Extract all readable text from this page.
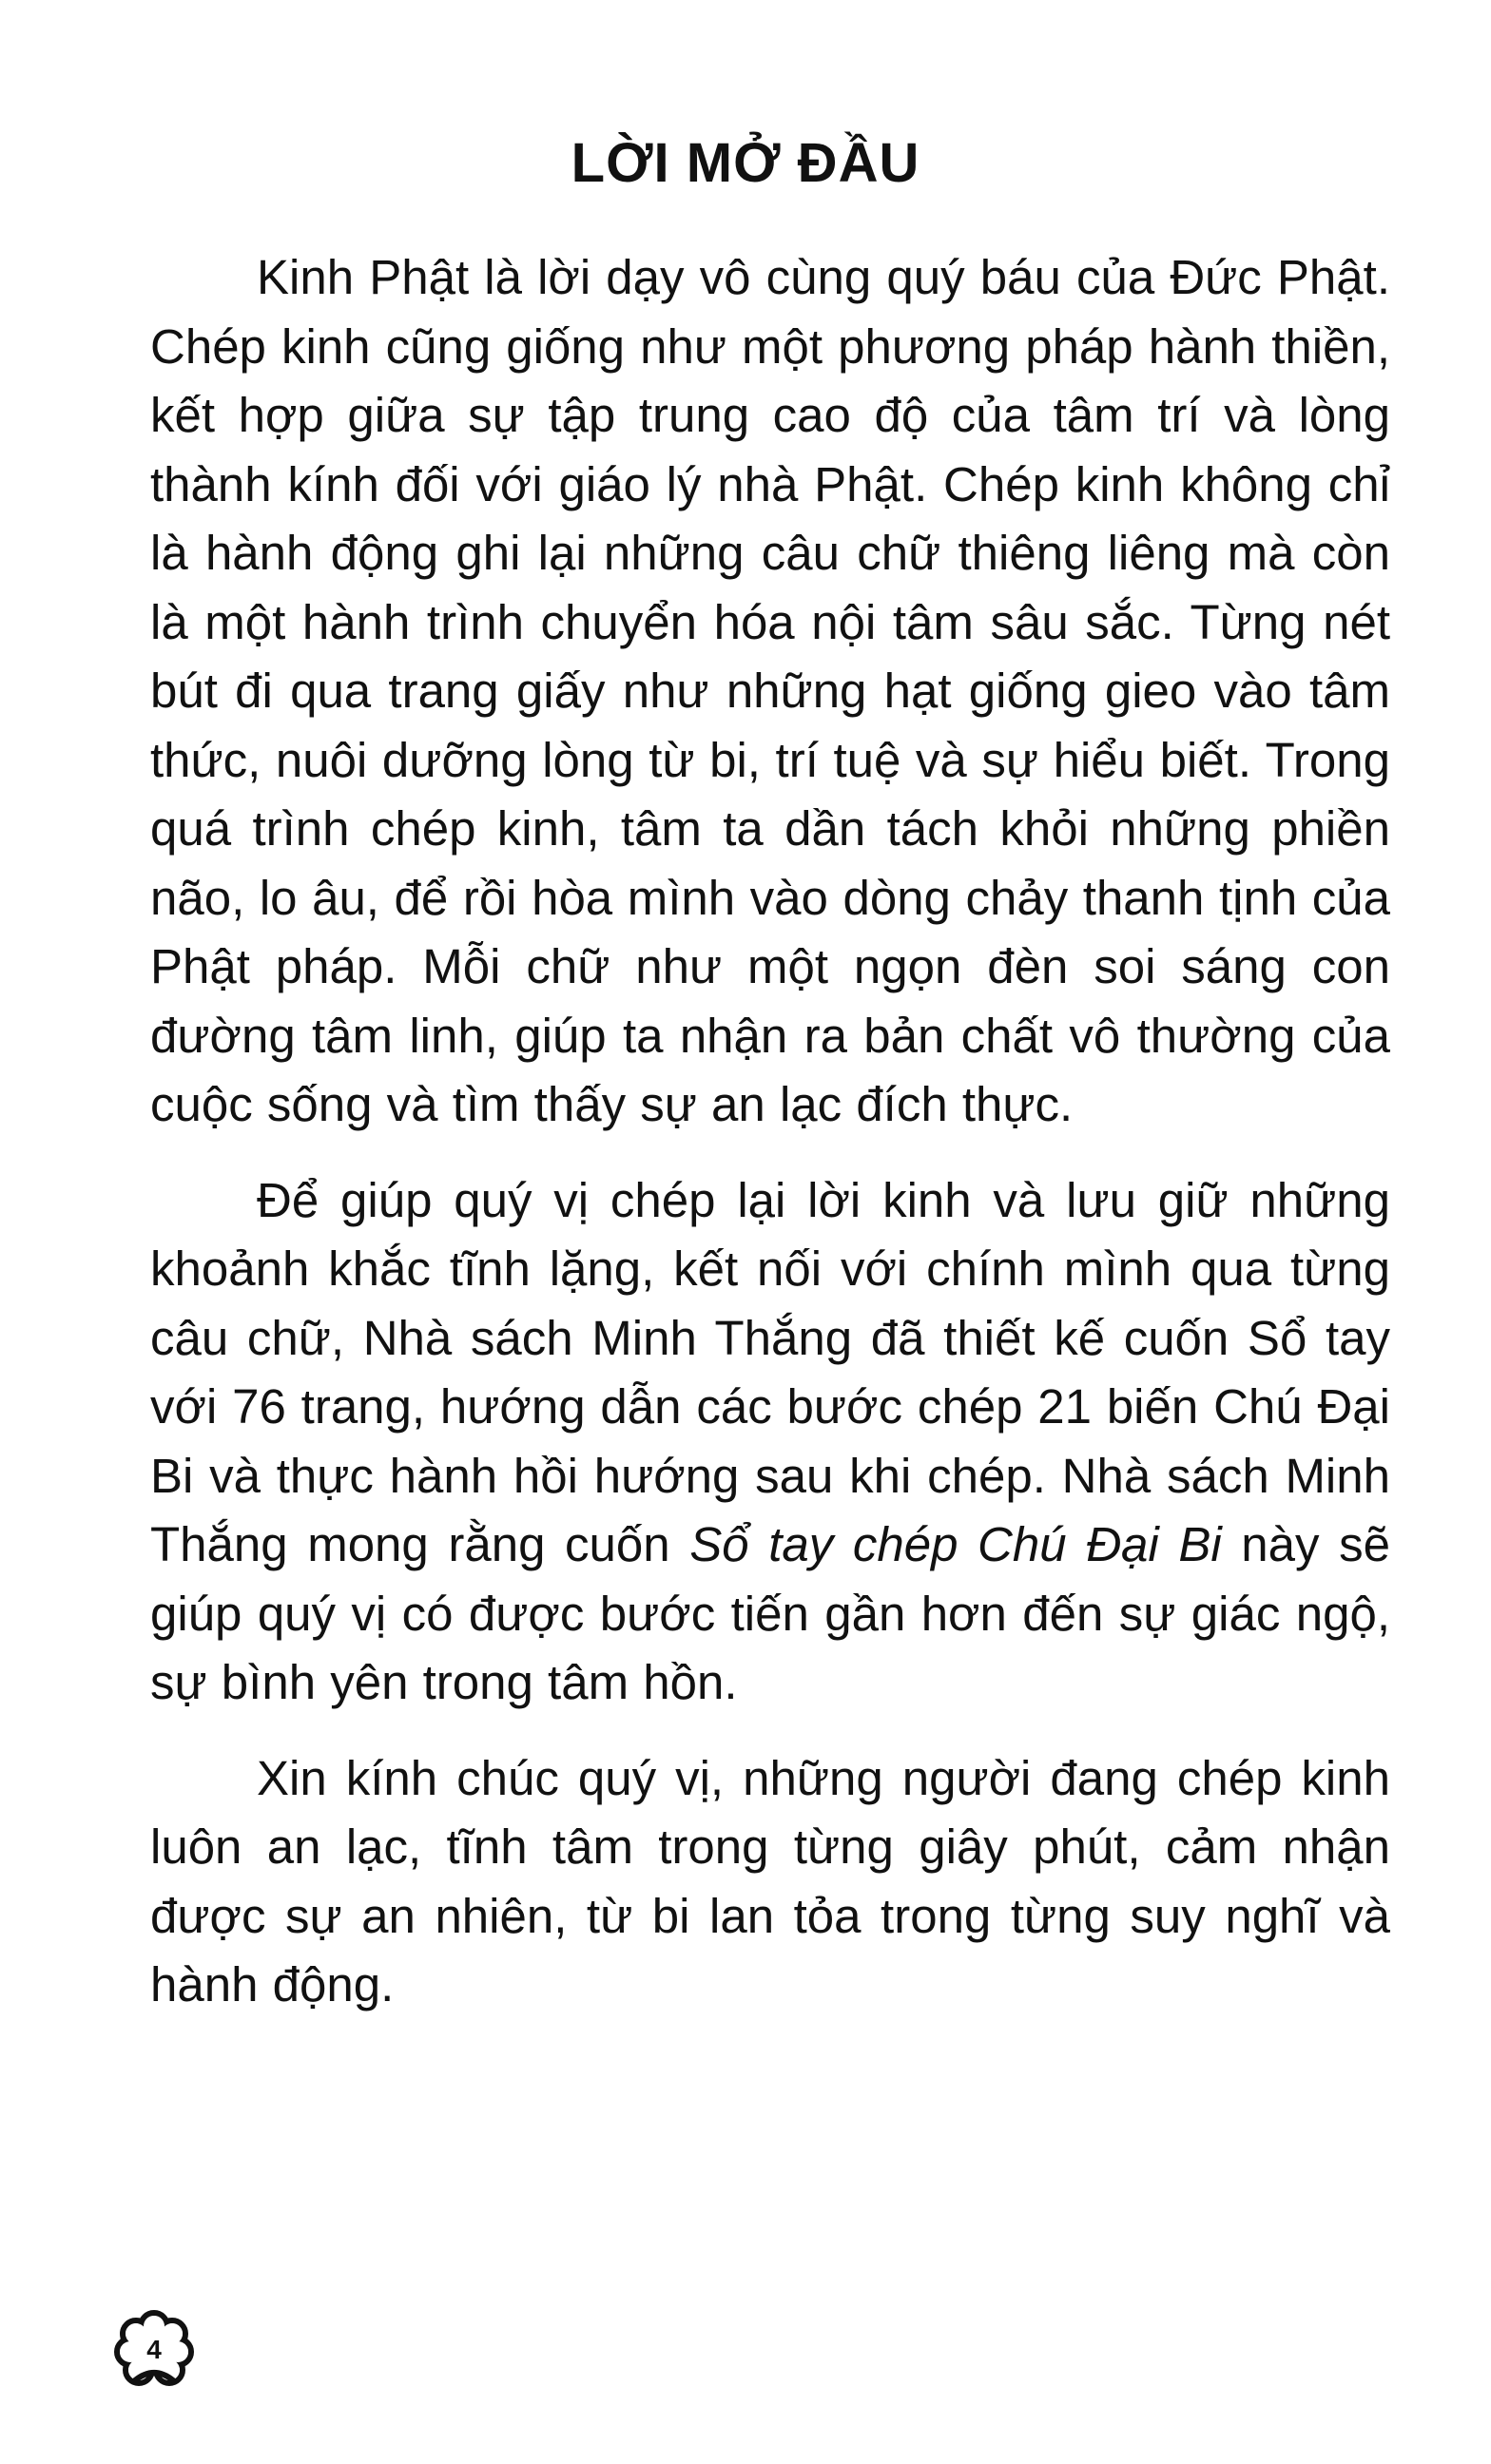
LỜI MỞ ĐẦU

Kinh Phật là lời dạy vô cùng quý báu của Đức Phật. Chép kinh cũng giống như một phương pháp hành thiền, kết hợp giữa sự tập trung cao độ của tâm trí và lòng thành kính đối với giáo lý nhà Phật. Chép kinh không chỉ là hành động ghi lại những câu chữ thiêng liêng mà còn là một hành trình chuyển hóa nội tâm sâu sắc. Từng nét bút đi qua trang giấy như những hạt giống gieo vào tâm thức, nuôi dưỡng lòng từ bi, trí tuệ và sự hiểu biết. Trong quá trình chép kinh, tâm ta dần tách khỏi những phiền não, lo âu, để rồi hòa mình vào dòng chảy thanh tịnh của Phật pháp. Mỗi chữ như một ngọn đèn soi sáng con đường tâm linh, giúp ta nhận ra bản chất vô thường của cuộc sống và tìm thấy sự an lạc đích thực.

Để giúp quý vị chép lại lời kinh và lưu giữ những khoảnh khắc tĩnh lặng, kết nối với chính mình qua từng câu chữ, Nhà sách Minh Thắng đã thiết kế cuốn Sổ tay với 76 trang, hướng dẫn các bước chép 21 biến Chú Đại Bi và thực hành hồi hướng sau khi chép. Nhà sách Minh Thắng mong rằng cuốn Sổ tay chép Chú Đại Bi này sẽ giúp quý vị có được bước tiến gần hơn đến sự giác ngộ, sự bình yên trong tâm hồn.

Xin kính chúc quý vị, những người đang chép kinh luôn an lạc, tĩnh tâm trong từng giây phút, cảm nhận được sự an nhiên, từ bi lan tỏa trong từng suy nghĩ và hành động.

4
